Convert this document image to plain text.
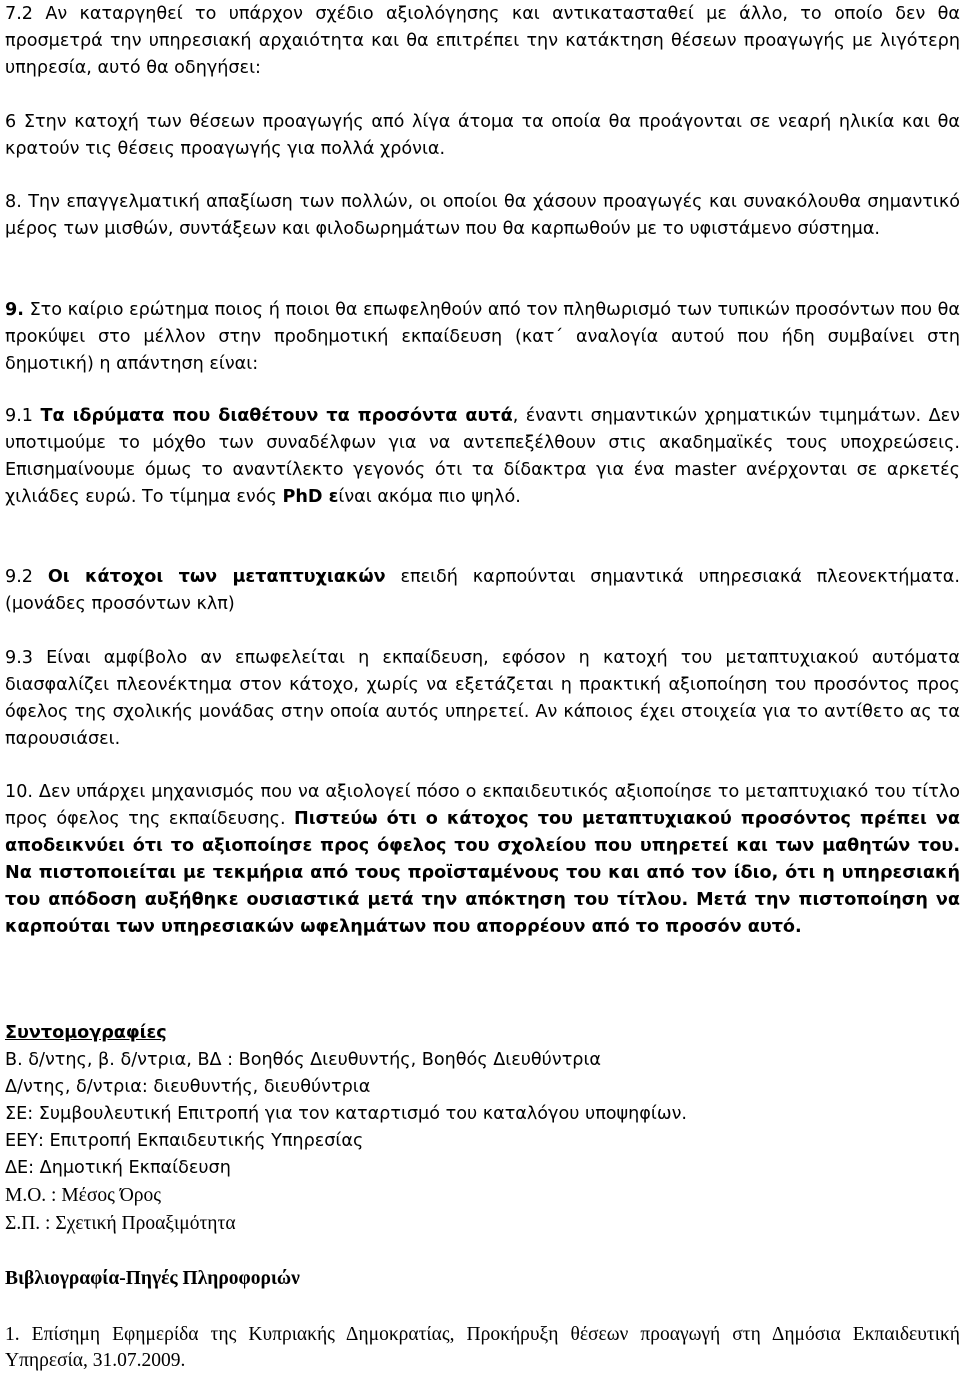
7.2 Αν καταργηθεί το υπάρχον σχέδιο αξιολόγησης και αντικατασταθεί με άλλο, το οποίο δεν θα προσμετρά την υπηρεσιακή αρχαιότητα και θα επιτρέπει την κατάκτηση θέσεων προαγωγής με λιγότερη υπηρεσία, αυτό θα οδηγήσει:

6 Στην κατοχή των θέσεων προαγωγής από λίγα άτομα τα οποία θα προάγονται σε νεαρή ηλικία και θα κρατούν τις θέσεις προαγωγής για πολλά χρόνια.

8. Την επαγγελματική απαξίωση των πολλών, οι οποίοι θα χάσουν προαγωγές και συνακόλουθα σημαντικό μέρος των μισθών, συντάξεων και φιλοδωρημάτων που θα καρπωθούν με το υφιστάμενο σύστημα.

9. Στο καίριο ερώτημα ποιος ή ποιοι θα επωφεληθούν από τον πληθωρισμό των τυπικών προσόντων που θα προκύψει στο μέλλον στην προδημοτική εκπαίδευση (κατ΄ αναλογία αυτού που ήδη συμβαίνει στη δημοτική) η απάντηση είναι:

9.1 Τα ιδρύματα που διαθέτουν τα προσόντα αυτά, έναντι σημαντικών χρηματικών τιμημάτων. Δεν υποτιμούμε το μόχθο των συναδέλφων για να αντεπεξέλθουν στις ακαδημαϊκές τους υποχρεώσεις. Επισημαίνουμε όμως το αναντίλεκτο γεγονός ότι τα δίδακτρα για ένα master ανέρχονται σε αρκετές χιλιάδες ευρώ. Το τίμημα ενός PhD είναι ακόμα πιο ψηλό.

9.2 Οι κάτοχοι των μεταπτυχιακών επειδή καρπούνται σημαντικά υπηρεσιακά πλεονεκτήματα. (μονάδες προσόντων κλπ)

9.3 Είναι αμφίβολο αν επωφελείται η εκπαίδευση, εφόσον η κατοχή του μεταπτυχιακού αυτόματα διασφαλίζει πλεονέκτημα στον κάτοχο, χωρίς να εξετάζεται η πρακτική αξιοποίηση του προσόντος προς όφελος της σχολικής μονάδας στην οποία αυτός υπηρετεί. Αν κάποιος έχει στοιχεία για το αντίθετο ας τα παρουσιάσει.

10. Δεν υπάρχει μηχανισμός που να αξιολογεί πόσο ο εκπαιδευτικός αξιοποίησε το μεταπτυχιακό του τίτλο προς όφελος της εκπαίδευσης. Πιστεύω ότι ο κάτοχος του μεταπτυχιακού προσόντος πρέπει να αποδεικνύει ότι το αξιοποίησε προς όφελος του σχολείου που υπηρετεί και των μαθητών του. Να πιστοποιείται με τεκμήρια από τους προϊσταμένους του και από τον ίδιο, ότι η υπηρεσιακή του απόδοση αυξήθηκε ουσιαστικά μετά την απόκτηση του τίτλου. Μετά την πιστοποίηση να καρπούται των υπηρεσιακών ωφελημάτων που απορρέουν από το προσόν αυτό.

Συντομογραφίες
Β. δ/ντης, β. δ/ντρια, ΒΔ : Βοηθός Διευθυντής, Βοηθός Διευθύντρια
Δ/ντης, δ/ντρια: διευθυντής, διευθύντρια
ΣΕ: Συμβουλευτική Επιτροπή για τον καταρτισμό του καταλόγου υποψηφίων.
ΕΕΥ: Επιτροπή Εκπαιδευτικής Υπηρεσίας
ΔΕ: Δημοτική Εκπαίδευση
Μ.Ο. : Μέσος Όρος
Σ.Π. : Σχετική Προαξιμότητα
Βιβλιογραφία-Πηγές Πληροφοριών

1. Επίσημη Εφημερίδα της Κυπριακής Δημοκρατίας, Προκήρυξη θέσεων προαγωγή στη Δημόσια Εκπαιδευτική Υπηρεσία, 31.07.2009.
